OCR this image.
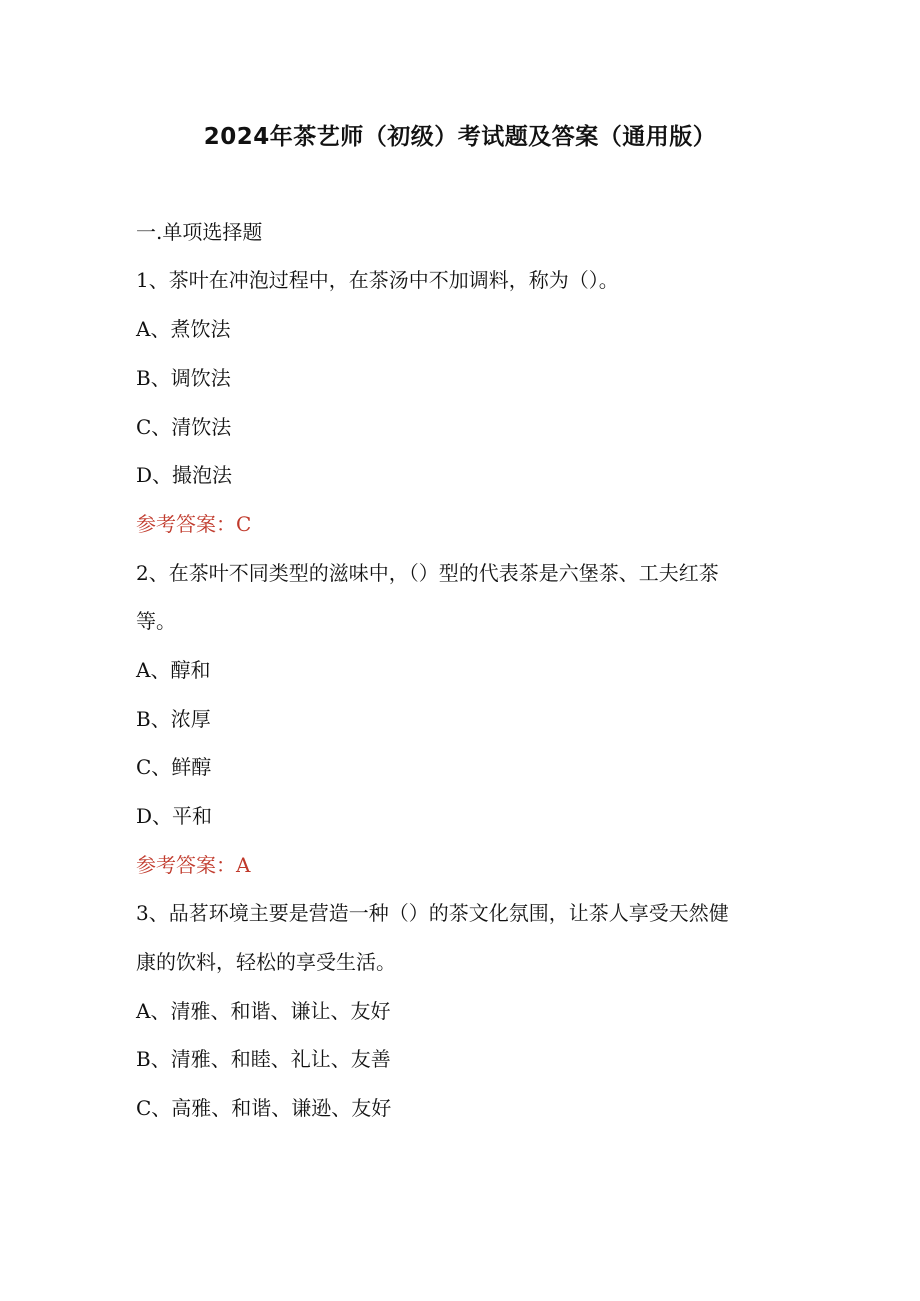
2024年茶艺师（初级）考试题及答案（通用版）
一.单项选择题
1、茶叶在冲泡过程中，在茶汤中不加调料，称为（）。
A、煮饮法
B、调饮法
C、清饮法
D、撮泡法
参考答案：C
2、在茶叶不同类型的滋味中，（）型的代表茶是六堡茶、工夫红茶
等。
A、醇和
B、浓厚
C、鲜醇
D、平和
参考答案：A
3、品茗环境主要是营造一种（）的茶文化氛围，让茶人享受天然健
康的饮料，轻松的享受生活。
A、清雅、和谐、谦让、友好
B、清雅、和睦、礼让、友善
C、高雅、和谐、谦逊、友好
